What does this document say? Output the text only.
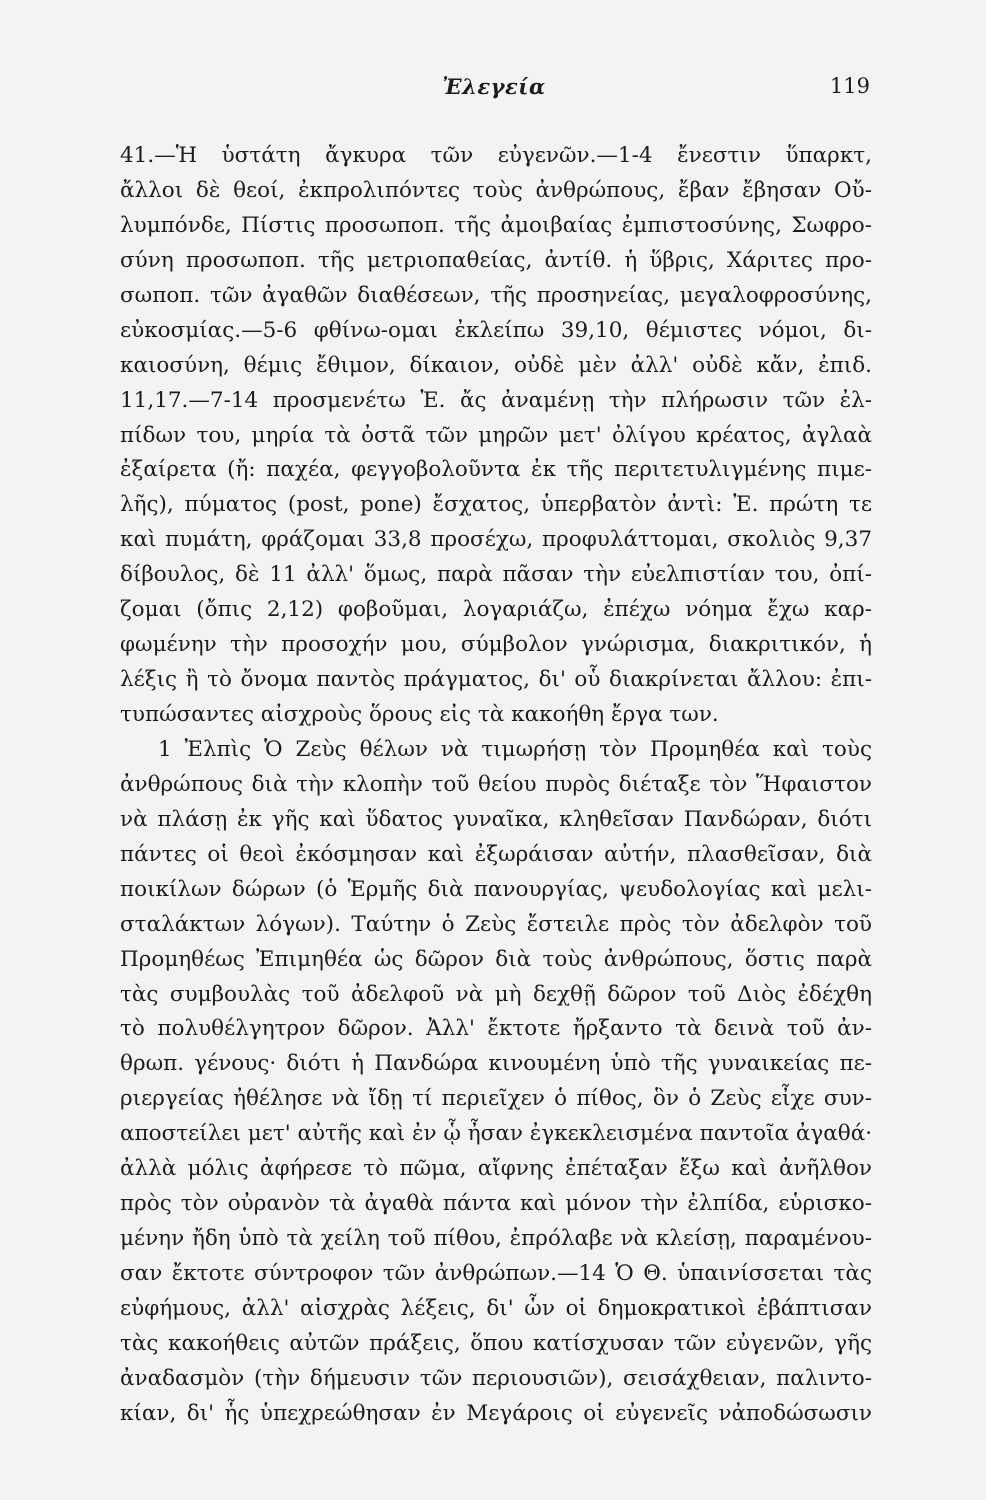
Ἐλεγεία	119
41.—Ἡ ὑστάτη ἄγκυρα τῶν εὐγενῶν.—1-4 ἔνεστιν ὕπαρκτ,
ἄλλοι δὲ θεοί, ἐκπρολιπόντες τοὺς ἀνθρώπους, ἔβαν ἔβησαν Οὔ-
λυμπόνδε, Πίστις προσωποπ. τῆς ἀμοιβαίας ἐμπιστοσύνης, Σωφρο-
σύνη προσωποπ. τῆς μετριοπαθείας, ἀντίθ. ἡ ὕβρις, Χάριτες προ-
σωποπ. τῶν ἀγαθῶν διαθέσεων, τῆς προσηνείας, μεγαλοφροσύνης,
εὐκοσμίας.—5-6 φθίνω-ομαι ἐκλείπω 39,10, θέμιστες νόμοι, δι-
καιοσύνη, θέμις ἔθιμον, δίκαιον, οὐδὲ μὲν ἀλλ' οὐδὲ κἄν, ἐπιδ.
11,17.—7-14 προσμενέτω Ἐ. ἄς ἀναμένῃ τὴν πλήρωσιν τῶν ἐλ-
πίδων του, μηρία τὰ ὀστᾶ τῶν μηρῶν μετ' ὀλίγου κρέατος, ἀγλαὰ
ἐξαίρετα (ἤ: παχέα, φεγγοβολοῦντα ἐκ τῆς περιτετυλιγμένης πιμε-
λῆς), πύματος (post, pone) ἔσχατος, ὑπερβατὸν ἀντὶ: Ἐ. πρώτη τε
καὶ πυμάτη, φράζομαι 33,8 προσέχω, προφυλάττομαι, σκολιὸς 9,37
δίβουλος, δὲ 11 ἀλλ' ὅμως, παρὰ πᾶσαν τὴν εὐελπιστίαν του, ὀπί-
ζομαι (ὄπις 2,12) φοβοῦμαι, λογαριάζω, ἐπέχω νόημα ἔχω καρ-
φωμένην τὴν προσοχήν μου, σύμβολον γνώρισμα, διακριτικόν, ἡ
λέξις ἢ τὸ ὄνομα παντὸς πράγματος, δι' οὗ διακρίνεται ἄλλου: ἐπι-
τυπώσαντες αἰσχροὺς ὅρους εἰς τὰ κακοήθη ἔργα των.
1 Ἐλπὶς Ὁ Ζεὺς θέλων νὰ τιμωρήσῃ τὸν Προμηθέα καὶ τοὺς
ἀνθρώπους διὰ τὴν κλοπὴν τοῦ θείου πυρὸς διέταξε τὸν Ἥφαιστον
νὰ πλάσῃ ἐκ γῆς καὶ ὕδατος γυναῖκα, κληθεῖσαν Πανδώραν, διότι
πάντες οἱ θεοὶ ἐκόσμησαν καὶ ἐξωράισαν αὐτήν, πλασθεῖσαν, διὰ
ποικίλων δώρων (ὁ Ἑρμῆς διὰ πανουργίας, ψευδολογίας καὶ μελι-
σταλάκτων λόγων). Ταύτην ὁ Ζεὺς ἔστειλε πρὸς τὸν ἀδελφὸν τοῦ
Προμηθέως Ἐπιμηθέα ὡς δῶρον διὰ τοὺς ἀνθρώπους, ὅστις παρὰ
τὰς συμβουλὰς τοῦ ἀδελφοῦ νὰ μὴ δεχθῇ δῶρον τοῦ Διὸς ἐδέχθη
τὸ πολυθέλγητρον δῶρον. Ἀλλ' ἔκτοτε ἤρξαντο τὰ δεινὰ τοῦ ἀν-
θρωπ. γένους· διότι ἡ Πανδώρα κινουμένη ὑπὸ τῆς γυναικείας πε-
ριεργείας ἠθέλησε νὰ ἴδῃ τί περιεῖχεν ὁ πίθος, ὃν ὁ Ζεὺς εἶχε συν-
αποστείλει μετ' αὐτῆς καὶ ἐν ᾧ ἦσαν ἐγκεκλεισμένα παντοῖα ἀγαθά·
ἀλλὰ μόλις ἀφήρεσε τὸ πῶμα, αἴφνης ἐπέταξαν ἔξω καὶ ἀνῆλθον
πρὸς τὸν οὐρανὸν τὰ ἀγαθὰ πάντα καὶ μόνον τὴν ἐλπίδα, εὑρισκο-
μένην ἤδη ὑπὸ τὰ χείλη τοῦ πίθου, ἐπρόλαβε νὰ κλείσῃ, παραμένου-
σαν ἔκτοτε σύντροφον τῶν ἀνθρώπων.—14 Ὁ Θ. ὑπαινίσσεται τὰς
εὐφήμους, ἀλλ' αἰσχρὰς λέξεις, δι' ὧν οἱ δημοκρατικοὶ ἐβάπτισαν
τὰς κακοήθεις αὐτῶν πράξεις, ὅπου κατίσχυσαν τῶν εὐγενῶν, γῆς
ἀναδασμὸν (τὴν δήμευσιν τῶν περιουσιῶν), σεισάχθειαν, παλιντο-
κίαν, δι' ἧς ὑπεχρεώθησαν ἐν Μεγάροις οἱ εὐγενεῖς νἀποδώσωσιν
